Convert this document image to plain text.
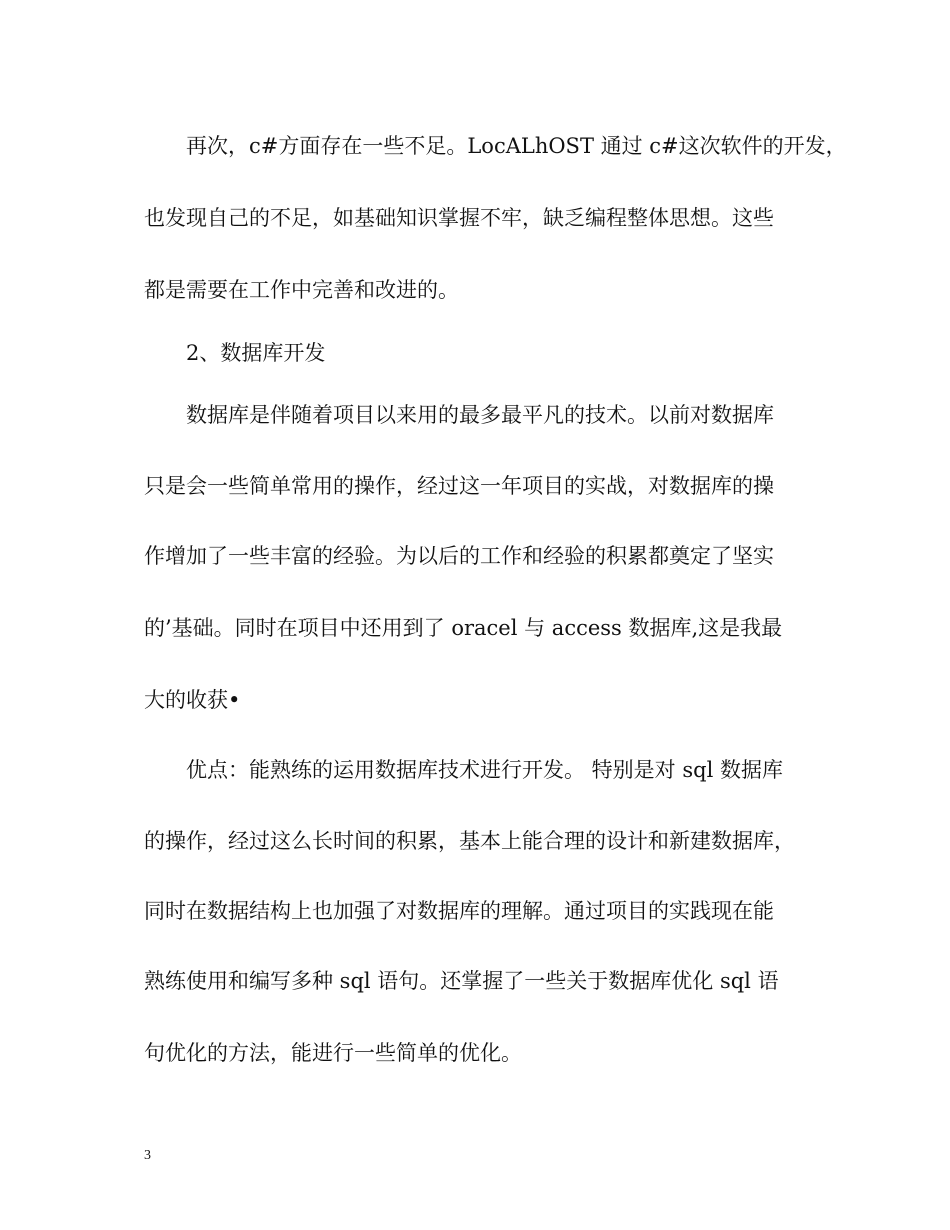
再次，c#方面存在一些不足。LocALhOST 通过 c#这次软件的开发，
也发现自己的不足，如基础知识掌握不牢，缺乏编程整体思想。这些
都是需要在工作中完善和改进的。
2、数据库开发
数据库是伴随着项目以来用的最多最平凡的技术。以前对数据库
只是会一些简单常用的操作，经过这一年项目的实战，对数据库的操
作增加了一些丰富的经验。为以后的工作和经验的积累都奠定了坚实
的’基础。同时在项目中还用到了 oracel 与 access 数据库,这是我最
大的收获•
优点：能熟练的运用数据库技术进行开发。 特别是对 sql 数据库
的操作，经过这么长时间的积累，基本上能合理的设计和新建数据库，
同时在数据结构上也加强了对数据库的理解。通过项目的实践现在能
熟练使用和编写多种 sql 语句。还掌握了一些关于数据库优化 sql 语
句优化的方法，能进行一些简单的优化。
3
